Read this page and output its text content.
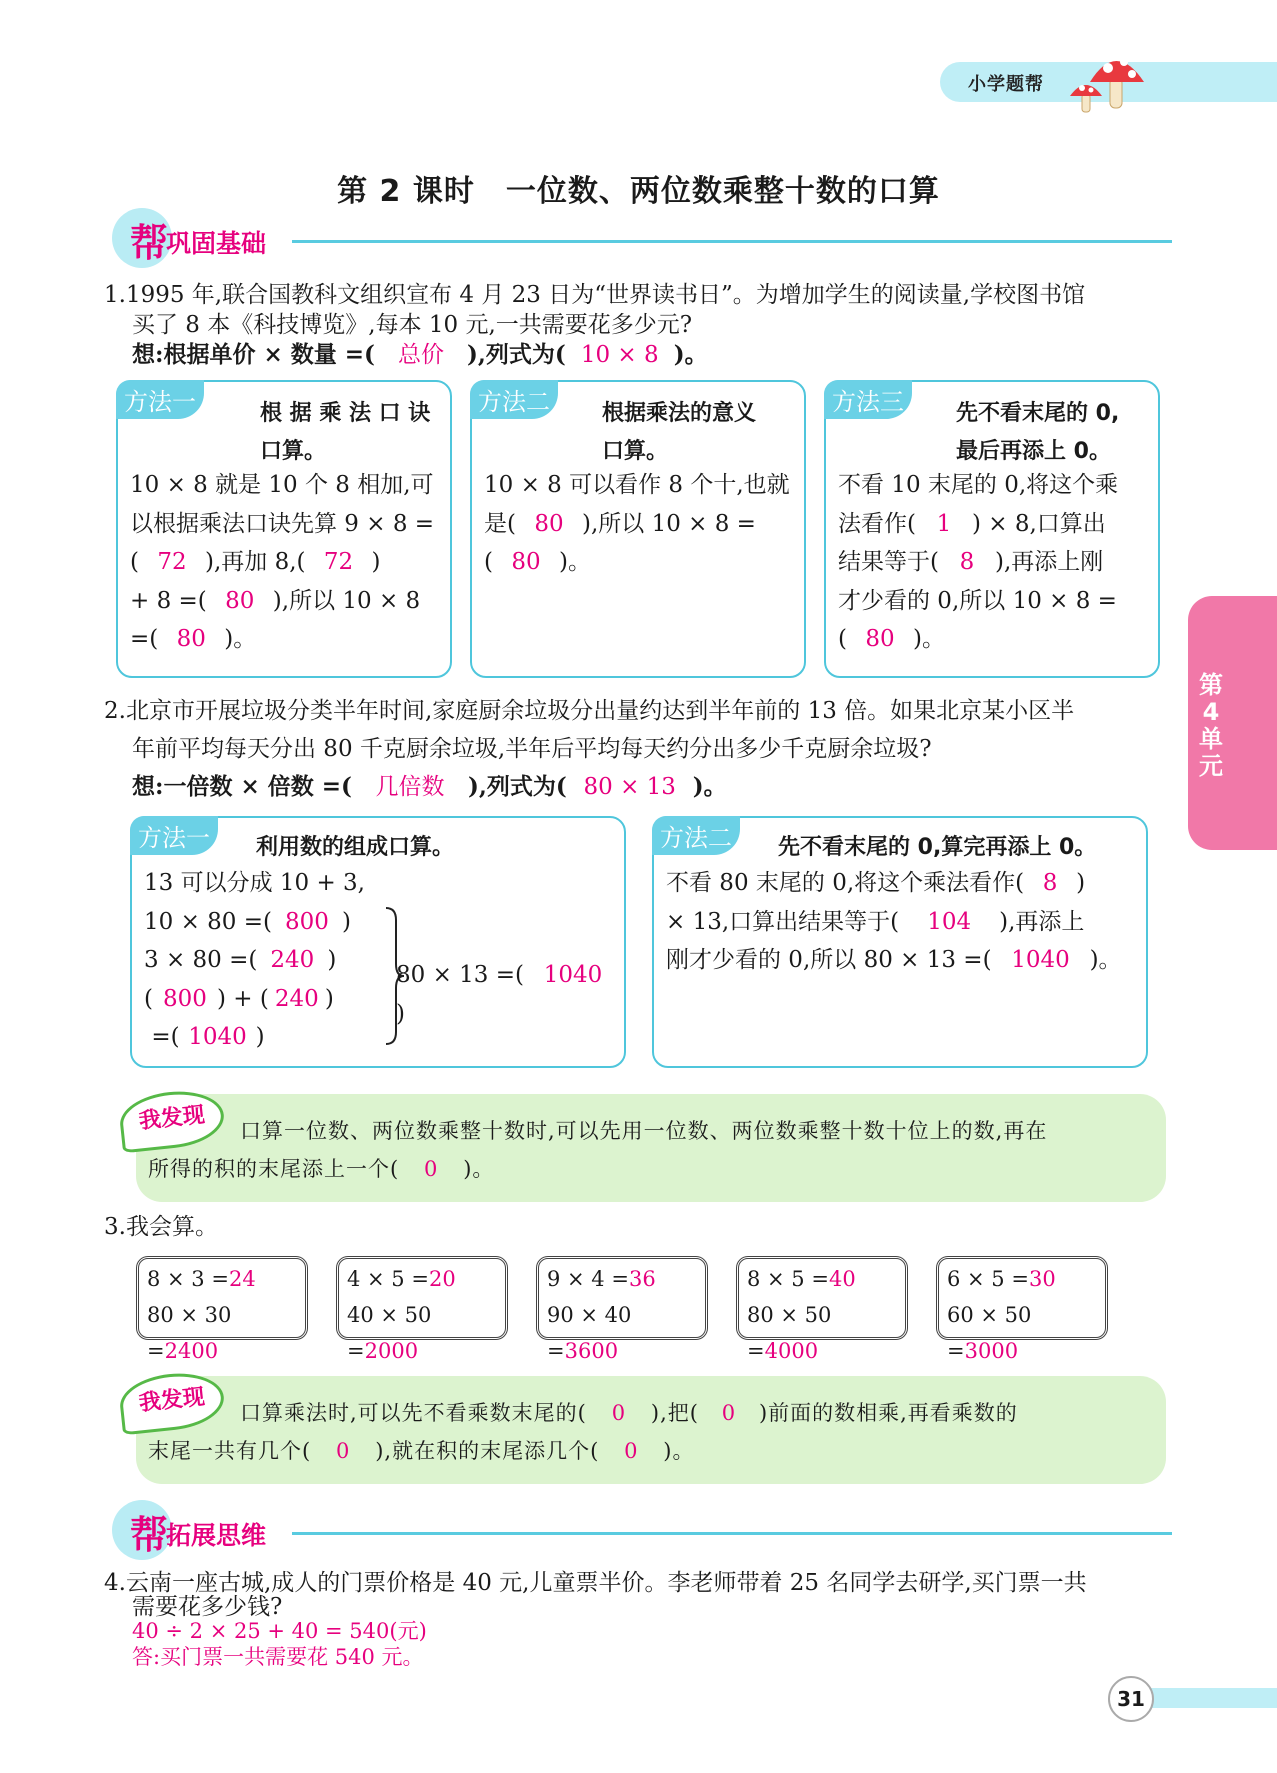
小学题帮
第 2 课时　一位数、两位数乘整十数的口算
帮
巩固基础
1.1995 年,联合国教科文组织宣布 4 月 23 日为“世界读书日”。为增加学生的阅读量,学校图书馆
买了 8 本《科技博览》,每本 10 元,一共需要花多少元?
想:根据单价 × 数量 =( 总价 ),列式为( 10 × 8 )。
方法一	根 据 乘 法 口 诀
口算。
10 × 8 就是 10 个 8 相加,可
以根据乘法口诀先算 9 × 8 =
( 72 ),再加 8,( 72 )
+ 8 =( 80 ),所以 10 × 8
=( 80 )。
方法二	根据乘法的意义
口算。
10 × 8 可以看作 8 个十,也就
是( 80 ),所以 10 × 8 =
( 80 )。
方法三	先不看末尾的 0,
最后再添上 0。
不看 10 末尾的 0,将这个乘
法看作( 1 ) × 8,口算出
结果等于( 8 ),再添上刚
才少看的 0,所以 10 × 8 =
( 80 )。
2.北京市开展垃圾分类半年时间,家庭厨余垃圾分出量约达到半年前的 13 倍。如果北京某小区半
年前平均每天分出 80 千克厨余垃圾,半年后平均每天约分出多少千克厨余垃圾?
想:一倍数 × 倍数 =( 几倍数 ),列式为( 80 × 13 )。
方法一	利用数的组成口算。
13 可以分成 10 + 3,
10 × 80 =( 800 )
3 × 80 =( 240 )
( 800 ) + ( 240 )
=( 1040 )
80 × 13 =( 1040)
方法二	先不看末尾的 0,算完再添上 0。
不看 80 末尾的 0,将这个乘法看作( 8 )
× 13,口算出结果等于( 104 ),再添上
刚才少看的 0,所以 80 × 13 =( 1040 )。
我发现	口算一位数、两位数乘整十数时,可以先用一位数、两位数乘整十数十位上的数,再在
所得的积的末尾添上一个( 0 )。
3.我会算。
8 × 3 =24
80 × 30 =2400
4 × 5 =20
40 × 50 =2000
9 × 4 =36
90 × 40 =3600
8 × 5 =40
80 × 50 =4000
6 × 5 =30
60 × 50 =3000
我发现	口算乘法时,可以先不看乘数末尾的( 0 ),把( 0 )前面的数相乘,再看乘数的
末尾一共有几个( 0 ),就在积的末尾添几个( 0 )。
帮
拓展思维
4.云南一座古城,成人的门票价格是 40 元,儿童票半价。李老师带着 25 名同学去研学,买门票一共
需要花多少钱?
40 ÷ 2 × 25 + 40 = 540(元)
答:买门票一共需要花 540 元。
第4单元
31
